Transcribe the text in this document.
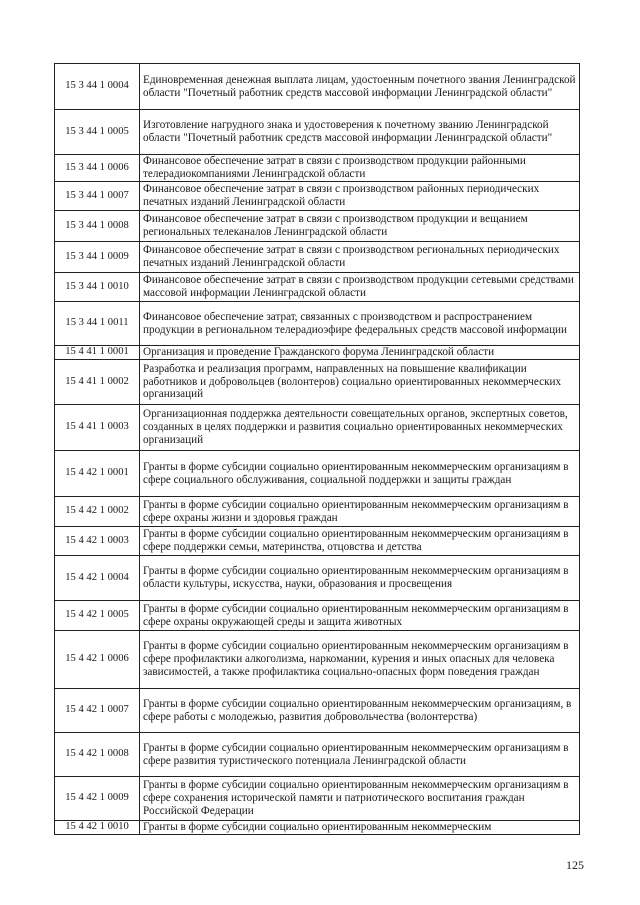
15 3 44 1 0004	Единовременная денежная выплата лицам, удостоенным почетного звания Ленинградской области "Почетный работник средств массовой информации Ленинградской области"
15 3 44 1 0005	Изготовление нагрудного знака и удостоверения к почетному званию Ленинградской области "Почетный работник средств массовой информации Ленинградской области"
15 3 44 1 0006	Финансовое обеспечение затрат в связи с производством продукции районными телерадиокомпаниями Ленинградской области
15 3 44 1 0007	Финансовое обеспечение затрат в связи с производством районных периодических печатных изданий Ленинградской области
15 3 44 1 0008	Финансовое обеспечение затрат в связи с производством продукции и вещанием региональных телеканалов Ленинградской области
15 3 44 1 0009	Финансовое обеспечение затрат в связи с производством региональных периодических печатных изданий Ленинградской области
15 3 44 1 0010	Финансовое обеспечение затрат в связи с производством продукции сетевыми средствами массовой информации Ленинградской области
15 3 44 1 0011	Финансовое обеспечение затрат, связанных с производством и распространением продукции в региональном телерадиоэфире федеральных средств массовой информации
15 4 41 1 0001	Организация и проведение Гражданского форума Ленинградской области
15 4 41 1 0002	Разработка и реализация программ, направленных на повышение квалификации работников и добровольцев (волонтеров) социально ориентированных некоммерческих организаций
15 4 41 1 0003	Организационная поддержка деятельности совещательных органов, экспертных советов, созданных в целях поддержки и развития социально ориентированных некоммерческих организаций
15 4 42 1 0001	Гранты в форме субсидии социально ориентированным некоммерческим организациям в сфере социального обслуживания, социальной поддержки и защиты граждан
15 4 42 1 0002	Гранты в форме субсидии социально ориентированным некоммерческим организациям в сфере охраны жизни и здоровья граждан
15 4 42 1 0003	Гранты в форме субсидии социально ориентированным некоммерческим организациям в сфере поддержки семьи, материнства, отцовства и детства
15 4 42 1 0004	Гранты в форме субсидии социально ориентированным некоммерческим организациям в области культуры, искусства, науки, образования и просвещения
15 4 42 1 0005	Гранты в форме субсидии социально ориентированным некоммерческим организациям в сфере охраны окружающей среды и защита животных
15 4 42 1 0006	Гранты в форме субсидии социально ориентированным некоммерческим организациям в сфере профилактики алкоголизма, наркомании, курения и иных опасных для человека зависимостей, а также профилактика социально-опасных форм поведения граждан
15 4 42 1 0007	Гранты в форме субсидии социально ориентированным некоммерческим организациям, в сфере работы с молодежью, развития добровольчества (волонтерства)
15 4 42 1 0008	Гранты в форме субсидии социально ориентированным некоммерческим организациям в сфере развития туристического потенциала Ленинградской области
15 4 42 1 0009	Гранты в форме субсидии социально ориентированным некоммерческим организациям в сфере сохранения исторической памяти и патриотического воспитания граждан Российской Федерации
15 4 42 1 0010	Гранты в форме субсидии социально ориентированным некоммерческим
125
